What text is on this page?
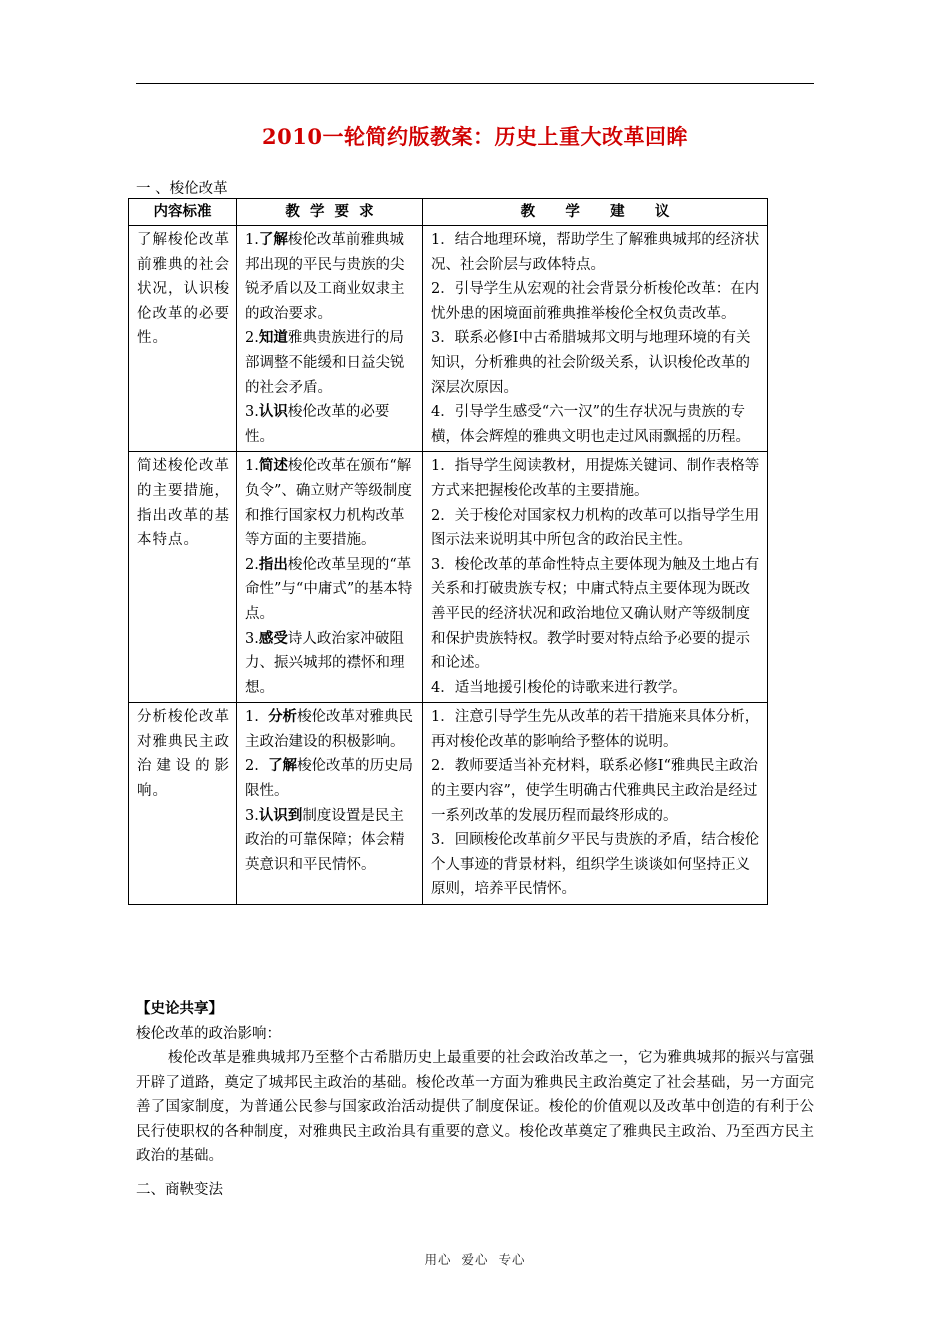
2010一轮简约版教案：历史上重大改革回眸
一 、梭伦改革
内容标准	教  学  要  求	教      学      建      议
了解梭伦改革前雅典的社会状况，认识梭伦改革的必要性。	1.了解梭伦改革前雅典城邦出现的平民与贵族的尖锐矛盾以及工商业奴隶主的政治要求。
2.知道雅典贵族进行的局部调整不能缓和日益尖锐的社会矛盾。
3.认识梭伦改革的必要性。	1．结合地理环境，帮助学生了解雅典城邦的经济状况、社会阶层与政体特点。
2．引导学生从宏观的社会背景分析梭伦改革：在内忧外患的困境面前雅典推举梭伦全权负责改革。
3．联系必修Ⅰ中古希腊城邦文明与地理环境的有关知识，分析雅典的社会阶级关系，认识梭伦改革的深层次原因。
4．引导学生感受“六一汉”的生存状况与贵族的专横，体会辉煌的雅典文明也走过风雨飘摇的历程。

简述梭伦改革的主要措施，指出改革的基本特点。	1.简述梭伦改革在颁布“解负令”、确立财产等级制度和推行国家权力机构改革等方面的主要措施。
2.指出梭伦改革呈现的“革命性”与“中庸式”的基本特点。
3.感受诗人政治家冲破阻力、振兴城邦的襟怀和理想。	1．指导学生阅读教材，用提炼关键词、制作表格等方式来把握梭伦改革的主要措施。
2．关于梭伦对国家权力机构的改革可以指导学生用图示法来说明其中所包含的政治民主性。
3．梭伦改革的革命性特点主要体现为触及土地占有关系和打破贵族专权；中庸式特点主要体现为既改善平民的经济状况和政治地位又确认财产等级制度和保护贵族特权。教学时要对特点给予必要的提示和论述。
4．适当地援引梭伦的诗歌来进行教学。

分析梭伦改革对雅典民主政治建设的影响。	1.  分析梭伦改革对雅典民主政治建设的积极影响。
2.  了解梭伦改革的历史局限性。
3.认识到制度设置是民主政治的可靠保障；体会精英意识和平民情怀。	1．注意引导学生先从改革的若干措施来具体分析，再对梭伦改革的影响给予整体的说明。
2．教师要适当补充材料，联系必修Ⅰ“雅典民主政治的主要内容”，使学生明确古代雅典民主政治是经过一系列改革的发展历程而最终形成的。
3．回顾梭伦改革前夕平民与贵族的矛盾，结合梭伦个人事迹的背景材料，组织学生谈谈如何坚持正义原则，培养平民情怀。
【史论共享】
梭伦改革的政治影响：
梭伦改革是雅典城邦乃至整个古希腊历史上最重要的社会政治改革之一，它为雅典城邦的振兴与富强开辟了道路，奠定了城邦民主政治的基础。梭伦改革一方面为雅典民主政治奠定了社会基础，另一方面完善了国家制度，为普通公民参与国家政治活动提供了制度保证。梭伦的价值观以及改革中创造的有利于公民行使职权的各种制度，对雅典民主政治具有重要的意义。梭伦改革奠定了雅典民主政治、乃至西方民主政治的基础。
二、商鞅变法
用心  爱心  专心
